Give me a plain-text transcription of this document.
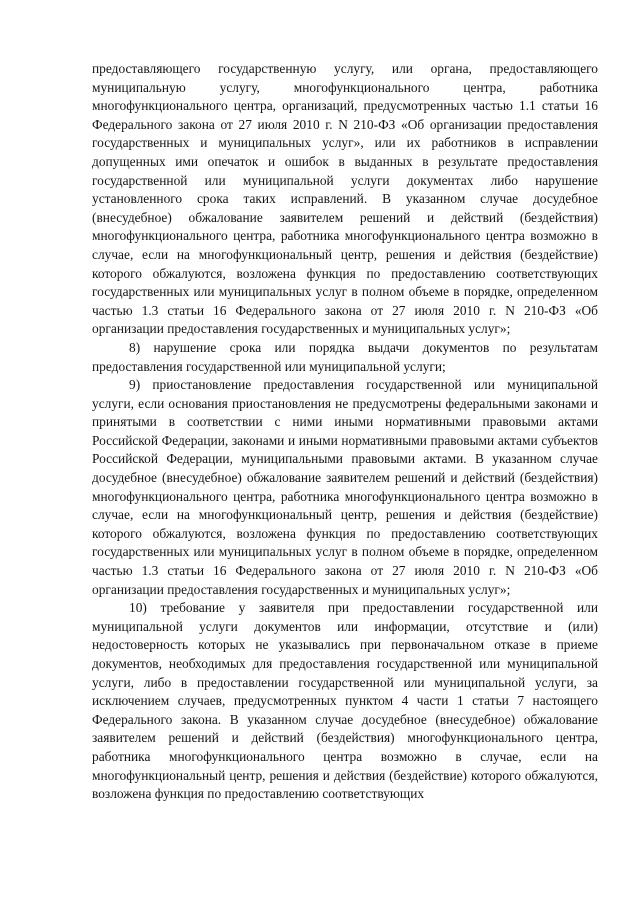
предоставляющего государственную услугу, или органа, предоставляющего муниципальную услугу, многофункционального центра, работника многофункционального центра, организаций, предусмотренных частью 1.1 статьи 16 Федерального закона от 27 июля 2010 г. N 210-ФЗ «Об организации предоставления государственных и муниципальных услуг», или их работников в исправлении допущенных ими опечаток и ошибок в выданных в результате предоставления государственной или муниципальной услуги документах либо нарушение установленного срока таких исправлений. В указанном случае досудебное (внесудебное) обжалование заявителем решений и действий (бездействия) многофункционального центра, работника многофункционального центра возможно в случае, если на многофункциональный центр, решения и действия (бездействие) которого обжалуются, возложена функция по предоставлению соответствующих государственных или муниципальных услуг в полном объеме в порядке, определенном частью 1.3 статьи 16 Федерального закона от 27 июля 2010 г. N 210-ФЗ «Об организации предоставления государственных и муниципальных услуг»;

8) нарушение срока или порядка выдачи документов по результатам предоставления государственной или муниципальной услуги;

9) приостановление предоставления государственной или муниципальной услуги, если основания приостановления не предусмотрены федеральными законами и принятыми в соответствии с ними иными нормативными правовыми актами Российской Федерации, законами и иными нормативными правовыми актами субъектов Российской Федерации, муниципальными правовыми актами. В указанном случае досудебное (внесудебное) обжалование заявителем решений и действий (бездействия) многофункционального центра, работника многофункционального центра возможно в случае, если на многофункциональный центр, решения и действия (бездействие) которого обжалуются, возложена функция по предоставлению соответствующих государственных или муниципальных услуг в полном объеме в порядке, определенном частью 1.3 статьи 16 Федерального закона от 27 июля 2010 г. N 210-ФЗ «Об организации предоставления государственных и муниципальных услуг»;

10) требование у заявителя при предоставлении государственной или муниципальной услуги документов или информации, отсутствие и (или) недостоверность которых не указывались при первоначальном отказе в приеме документов, необходимых для предоставления государственной или муниципальной услуги, либо в предоставлении государственной или муниципальной услуги, за исключением случаев, предусмотренных пунктом 4 части 1 статьи 7 настоящего Федерального закона. В указанном случае досудебное (внесудебное) обжалование заявителем решений и действий (бездействия) многофункционального центра, работника многофункционального центра возможно в случае, если на многофункциональный центр, решения и действия (бездействие) которого обжалуются, возложена функция по предоставлению соответствующих
